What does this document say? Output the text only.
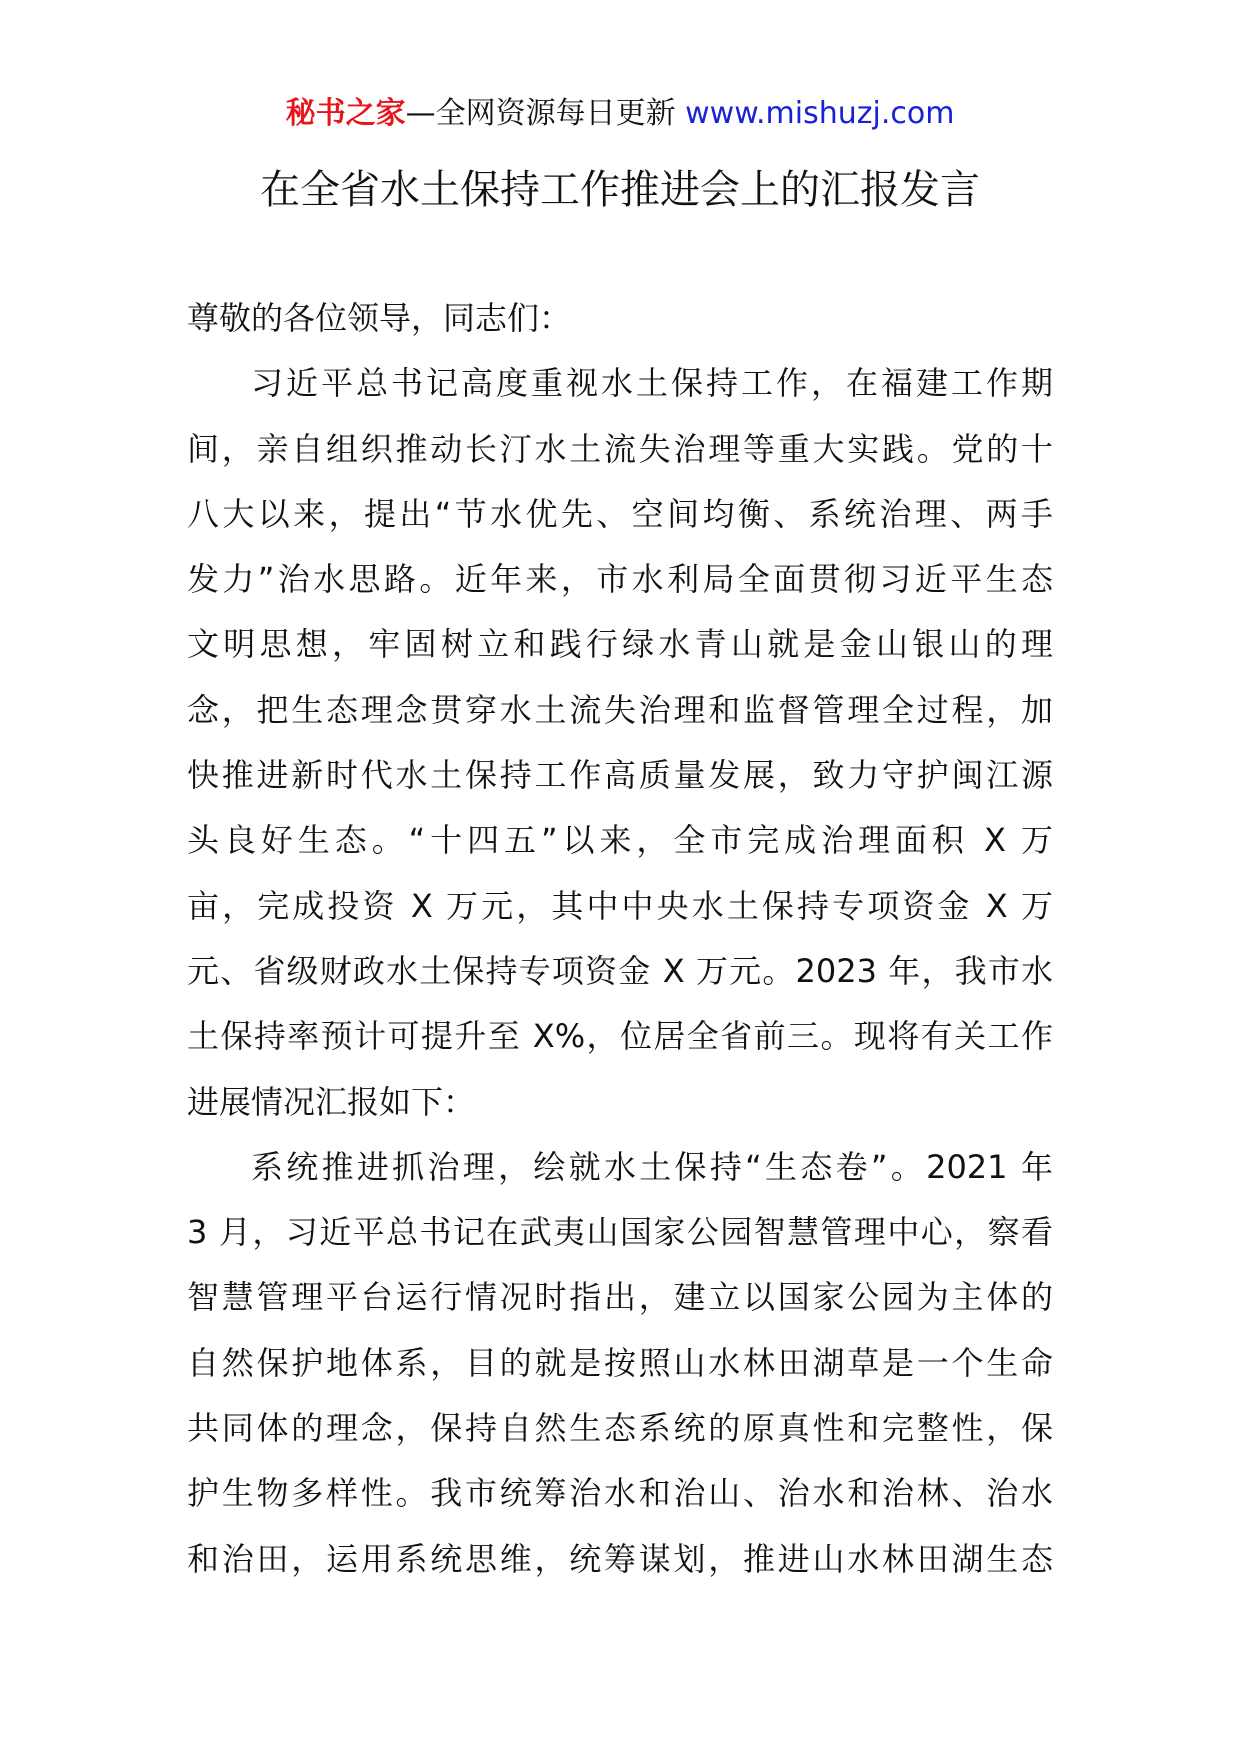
秘书之家—全网资源每日更新 www.mishuzj.com
在全省水土保持工作推进会上的汇报发言

尊敬的各位领导，同志们：

习近平总书记高度重视水土保持工作，在福建工作期
间，亲自组织推动长汀水土流失治理等重大实践。党的十
八大以来，提出“节水优先、空间均衡、系统治理、两手
发力”治水思路。近年来，市水利局全面贯彻习近平生态
文明思想，牢固树立和践行绿水青山就是金山银山的理
念，把生态理念贯穿水土流失治理和监督管理全过程，加
快推进新时代水土保持工作高质量发展，致力守护闽江源
头良好生态。“十四五”以来，全市完成治理面积 X 万
亩，完成投资 X 万元，其中中央水土保持专项资金 X 万
元、省级财政水土保持专项资金 X 万元。2023 年，我市水
土保持率预计可提升至 X%，位居全省前三。现将有关工作
进展情况汇报如下：

系统推进抓治理，绘就水土保持“生态卷”。2021 年
3 月，习近平总书记在武夷山国家公园智慧管理中心，察看
智慧管理平台运行情况时指出，建立以国家公园为主体的
自然保护地体系，目的就是按照山水林田湖草是一个生命
共同体的理念，保持自然生态系统的原真性和完整性，保
护生物多样性。我市统筹治水和治山、治水和治林、治水
和治田，运用系统思维，统筹谋划，推进山水林田湖生态
